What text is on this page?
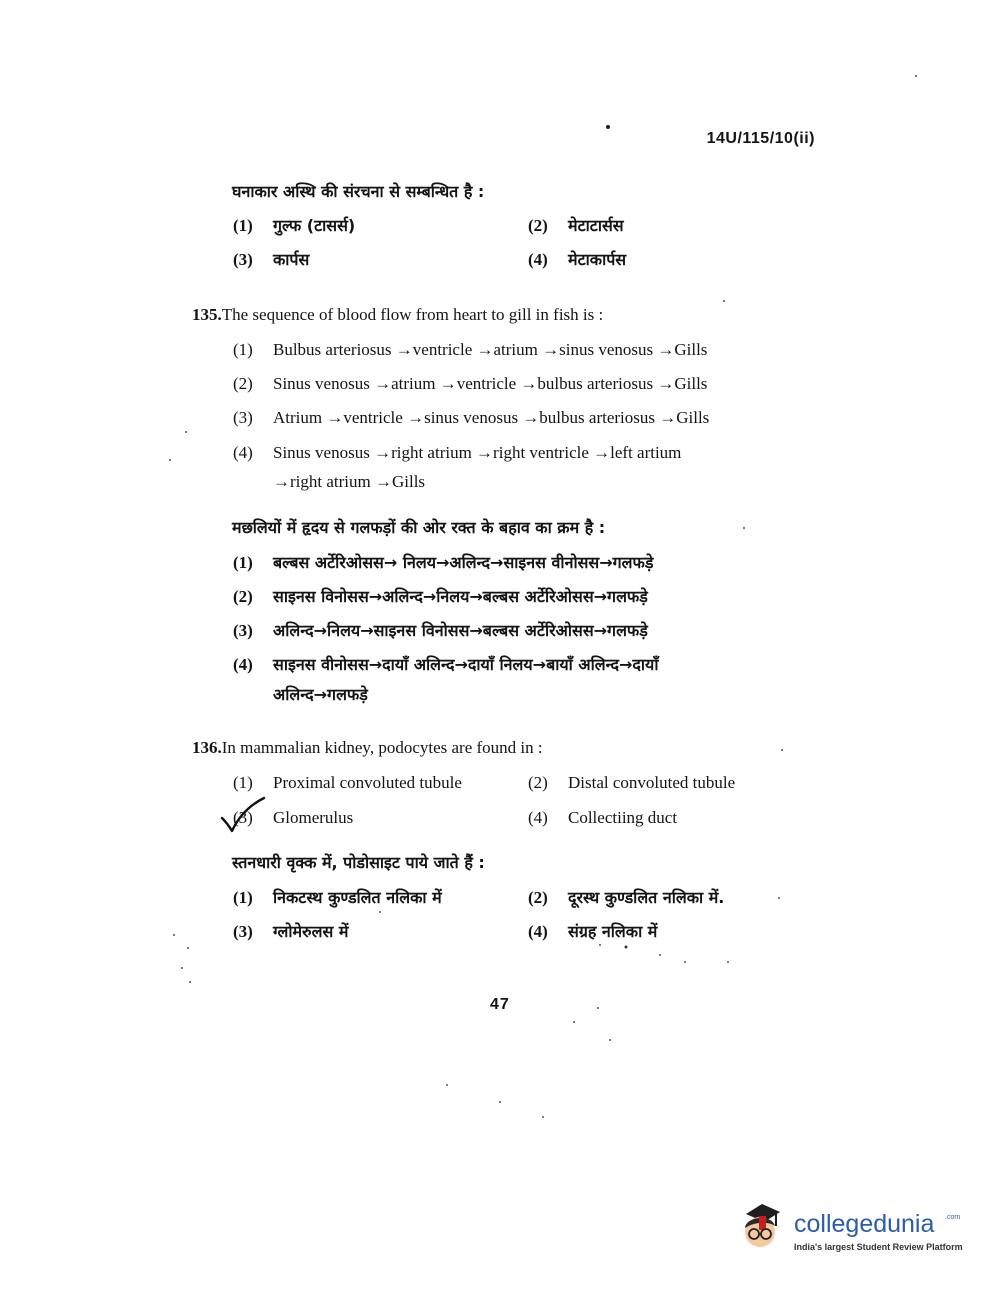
14U/115/10(ii)
घनाकार अस्थि की संरचना से सम्बन्धित है :
(1) गुल्फ (टासर्स)	(2) मेटाटार्सस
(3) कार्पस	(4) मेटाकार्पस
135.The sequence of blood flow from heart to gill in fish is :
(1) Bulbus arteriosus →ventricle →atrium →sinus venosus →Gills
(2) Sinus venosus →atrium →ventricle →bulbus arteriosus →Gills
(3) Atrium →ventricle →sinus venosus →bulbus arteriosus →Gills
(4) Sinus venosus →right atrium →right ventricle →left artium
→right atrium →Gills
मछलियों में हृदय से गलफड़ों की ओर रक्त के बहाव का क्रम है :
(1) बल्बस अर्टेरिओसस→ निलय→अलिन्द→साइनस वीनोसस→गलफड़े
(2) साइनस विनोसस→अलिन्द→निलय→बल्बस अर्टेरिओसस→गलफड़े
(3) अलिन्द→निलय→साइनस विनोसस→बल्बस अर्टेरिओसस→गलफड़े
(4) साइनस वीनोसस→दायाँ अलिन्द→दायाँ निलय→बायाँ अलिन्द→दायाँ
अलिन्द→गलफड़े
136.In mammalian kidney, podocytes are found in :
(1) Proximal convoluted tubule	(2) Distal convoluted tubule
(3) Glomerulus	(4) Collectiing duct
स्तनधारी वृक्क में, पोडोसाइट पाये जाते हैं :
(1) निकटस्थ कुण्डलित नलिका में	(2) दूरस्थ कुण्डलित नलिका में.
(3) ग्लोमेरुलस में	(4) संग्रह नलिका में
47
collegedunia .com
India's largest Student Review Platform
